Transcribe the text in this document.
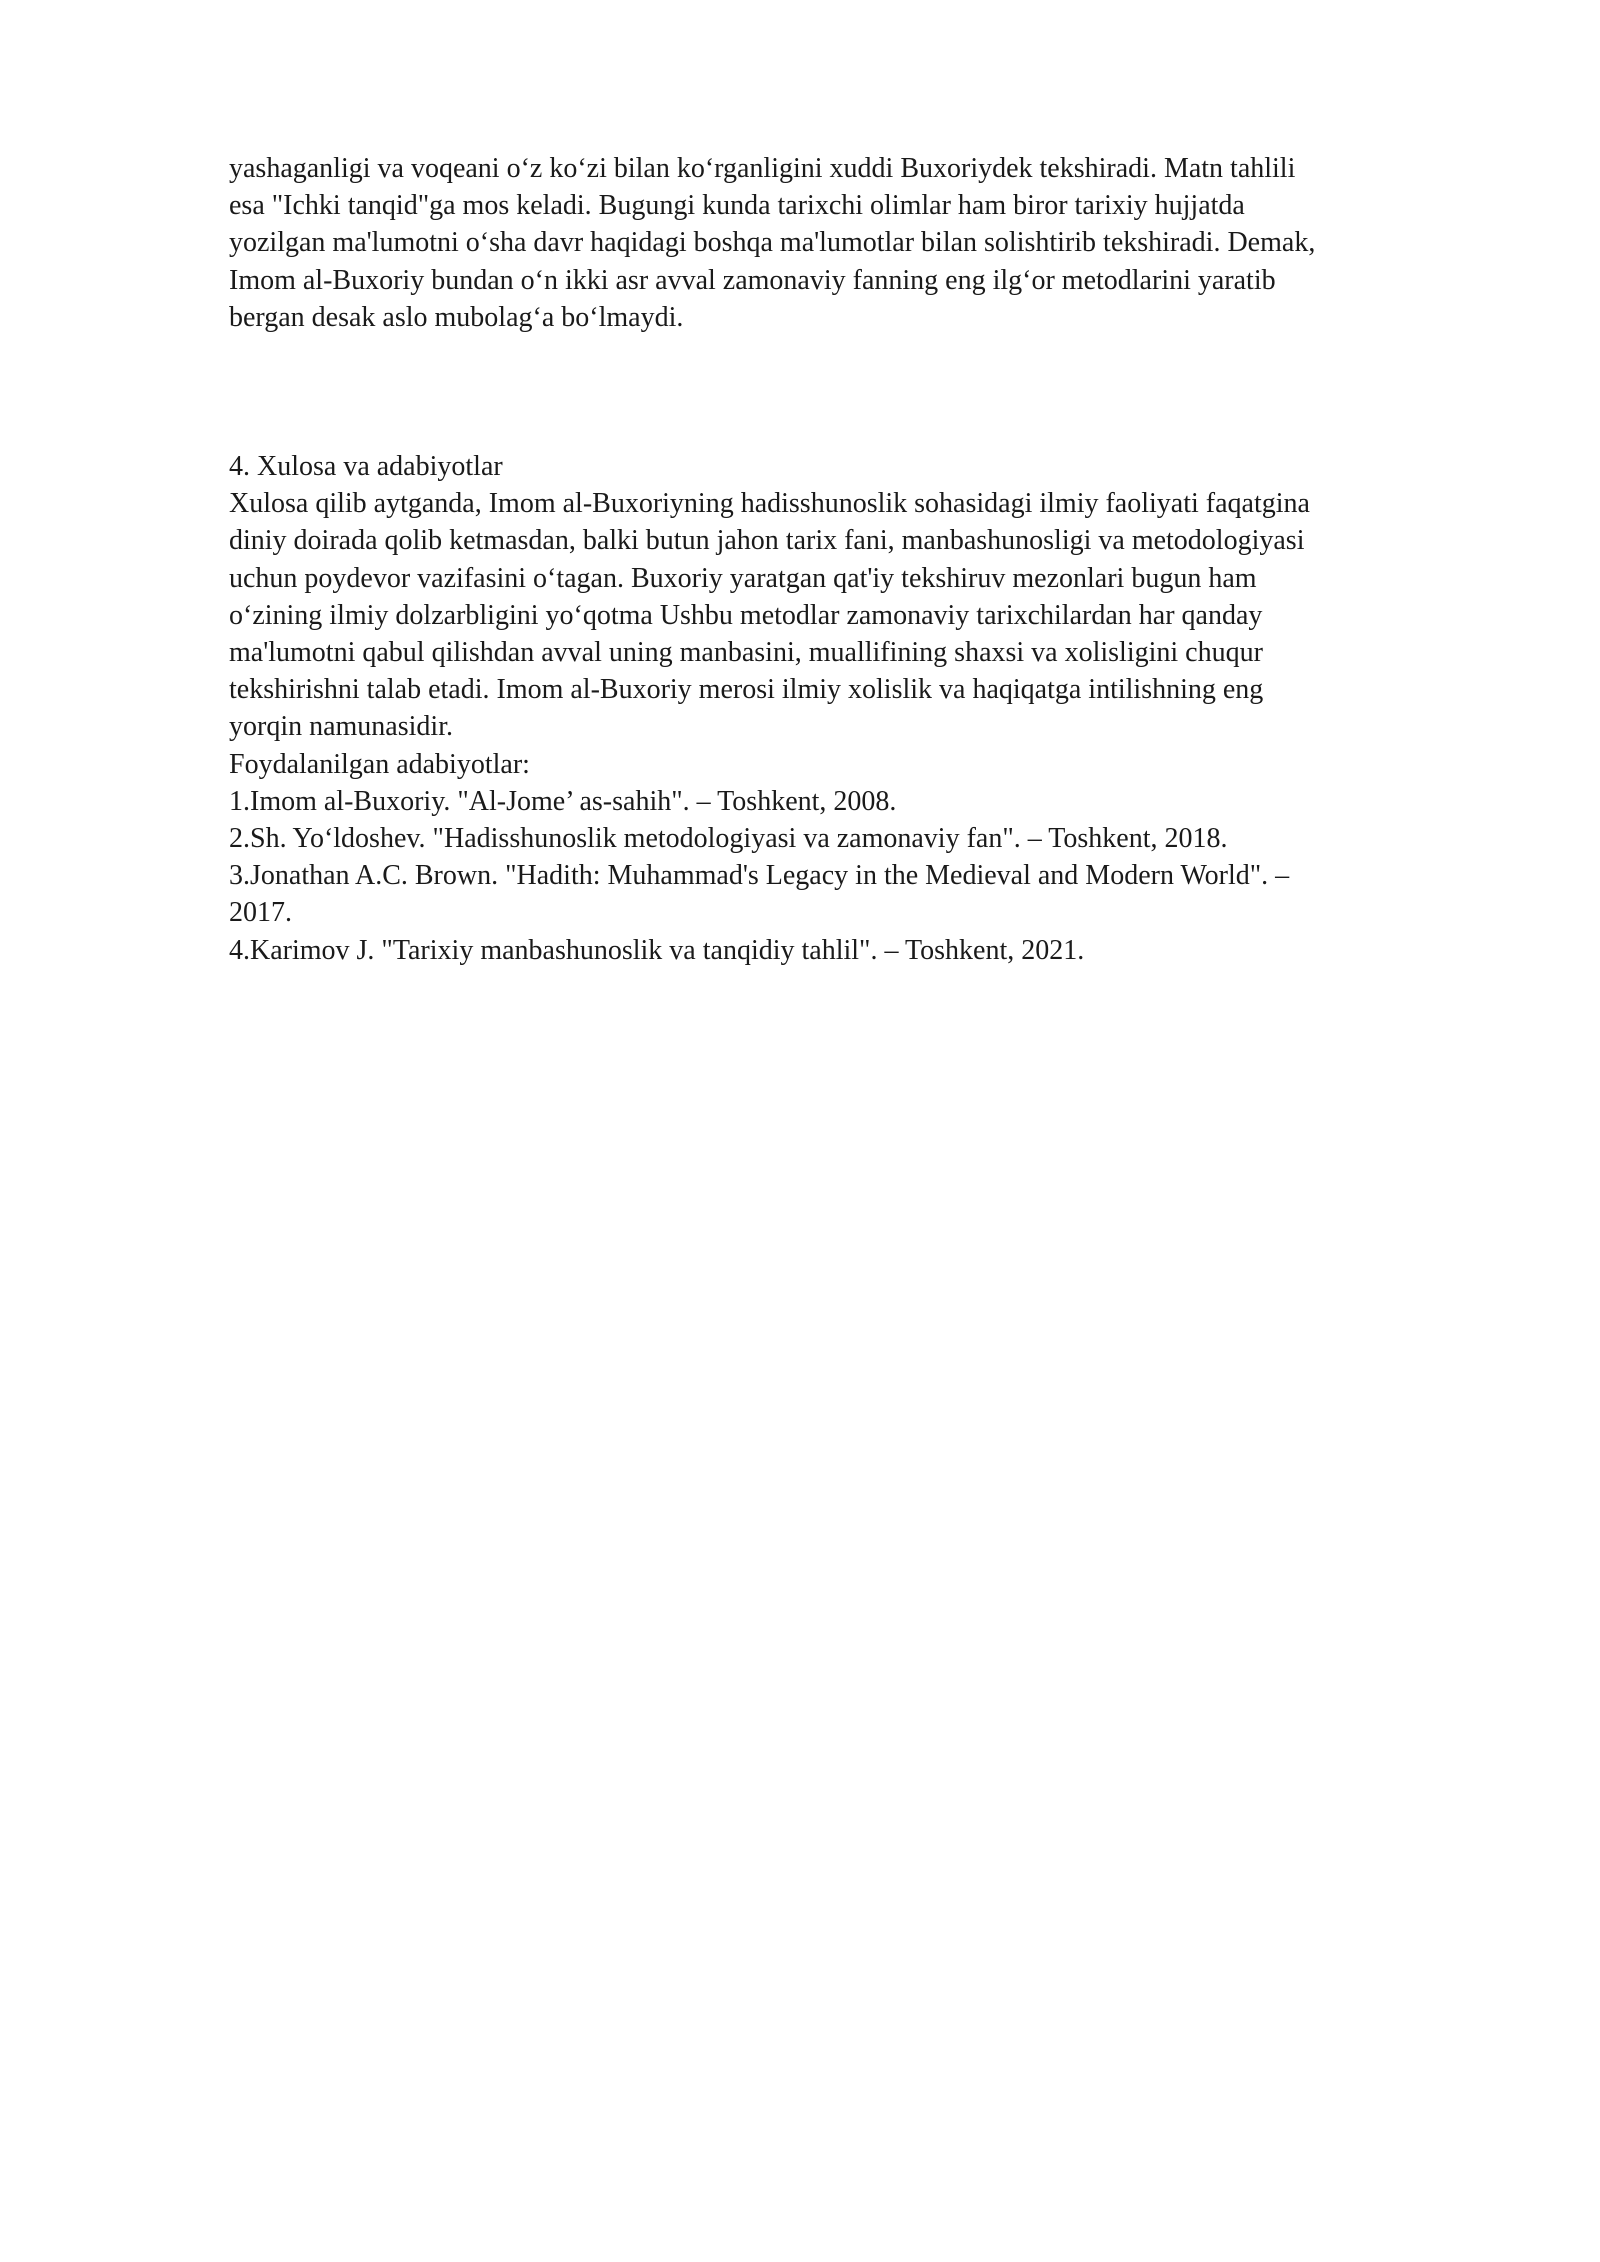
yashaganligi va voqeani o‘z ko‘zi bilan ko‘rganligini xuddi Buxoriydek tekshiradi. Matn tahlili
esa "Ichki tanqid"ga mos keladi. Bugungi kunda tarixchi olimlar ham biror tarixiy hujjatda
yozilgan ma'lumotni o‘sha davr haqidagi boshqa ma'lumotlar bilan solishtirib tekshiradi. Demak,
Imom al-Buxoriy bundan o‘n ikki asr avval zamonaviy fanning eng ilg‘or metodlarini yaratib
bergan desak aslo mubolag‘a bo‘lmaydi.

4. Xulosa va adabiyotlar

Xulosa qilib aytganda, Imom al-Buxoriyning hadisshunoslik sohasidagi ilmiy faoliyati faqatgina
diniy doirada qolib ketmasdan, balki butun jahon tarix fani, manbashunosligi va metodologiyasi
uchun poydevor vazifasini o‘tagan. Buxoriy yaratgan qat'iy tekshiruv mezonlari bugun ham
o‘zining ilmiy dolzarbligini yo‘qotma Ushbu metodlar zamonaviy tarixchilardan har qanday
ma'lumotni qabul qilishdan avval uning manbasini, muallifining shaxsi va xolisligini chuqur
tekshirishni talab etadi. Imom al-Buxoriy merosi ilmiy xolislik va haqiqatga intilishning eng
yorqin namunasidir.

Foydalanilgan adabiyotlar:

1.Imom al-Buxoriy. "Al-Jome’ as-sahih". – Toshkent, 2008.
2.Sh. Yo‘ldoshev. "Hadisshunoslik metodologiyasi va zamonaviy fan". – Toshkent, 2018.
3.Jonathan A.C. Brown. "Hadith: Muhammad's Legacy in the Medieval and Modern World". –
2017.
4.Karimov J. "Tarixiy manbashunoslik va tanqidiy tahlil". – Toshkent, 2021.
